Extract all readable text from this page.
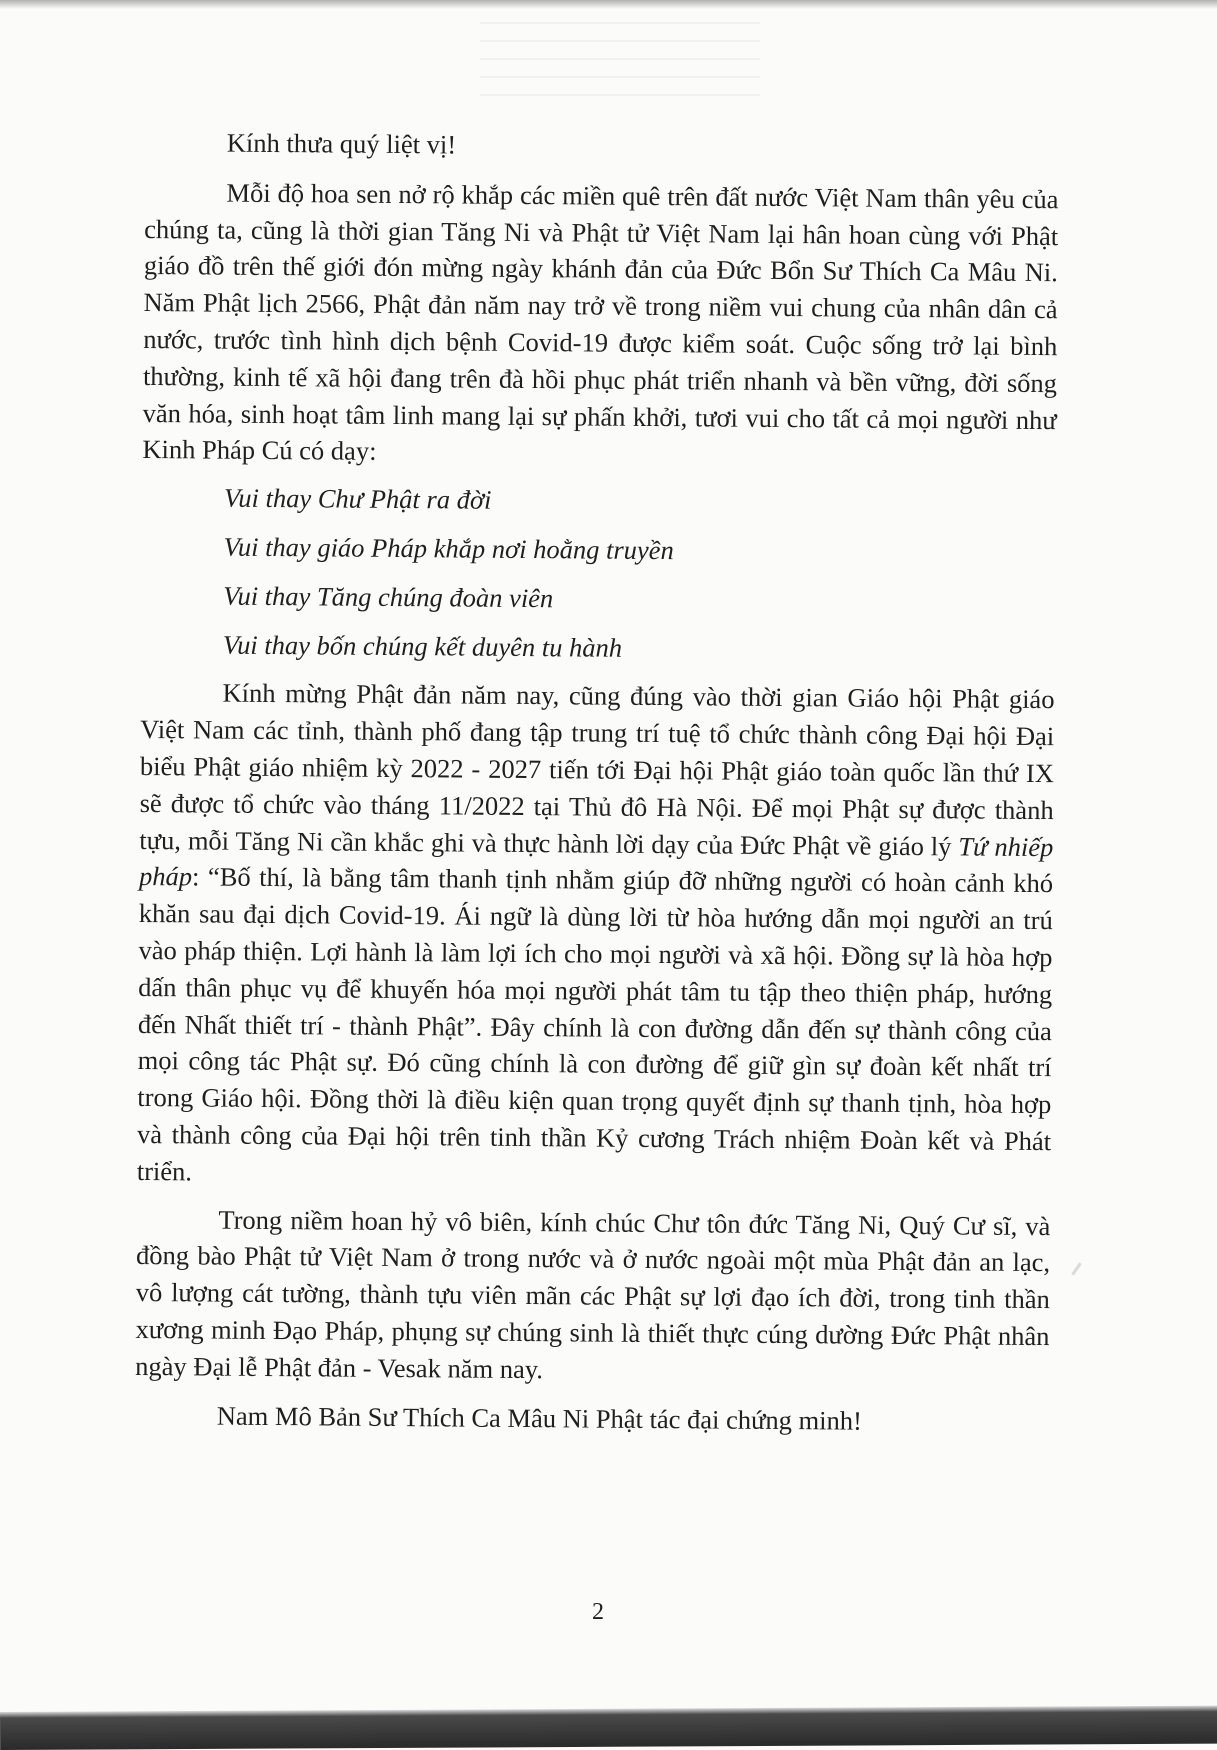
Kính thưa quý liệt vị!

Mỗi độ hoa sen nở rộ khắp các miền quê trên đất nước Việt Nam thân yêu của chúng ta, cũng là thời gian Tăng Ni và Phật tử Việt Nam lại hân hoan cùng với Phật giáo đồ trên thế giới đón mừng ngày khánh đản của Đức Bổn Sư Thích Ca Mâu Ni. Năm Phật lịch 2566, Phật đản năm nay trở về trong niềm vui chung của nhân dân cả nước, trước tình hình dịch bệnh Covid-19 được kiểm soát. Cuộc sống trở lại bình thường, kinh tế xã hội đang trên đà hồi phục phát triển nhanh và bền vững, đời sống văn hóa, sinh hoạt tâm linh mang lại sự phấn khởi, tươi vui cho tất cả mọi người như Kinh Pháp Cú có dạy:

Vui thay Chư Phật ra đời
Vui thay giáo Pháp khắp nơi hoằng truyền
Vui thay Tăng chúng đoàn viên
Vui thay bốn chúng kết duyên tu hành

Kính mừng Phật đản năm nay, cũng đúng vào thời gian Giáo hội Phật giáo Việt Nam các tỉnh, thành phố đang tập trung trí tuệ tổ chức thành công Đại hội Đại biểu Phật giáo nhiệm kỳ 2022 - 2027 tiến tới Đại hội Phật giáo toàn quốc lần thứ IX sẽ được tổ chức vào tháng 11/2022 tại Thủ đô Hà Nội. Để mọi Phật sự được thành tựu, mỗi Tăng Ni cần khắc ghi và thực hành lời dạy của Đức Phật về giáo lý Tứ nhiếp pháp: “Bố thí, là bằng tâm thanh tịnh nhằm giúp đỡ những người có hoàn cảnh khó khăn sau đại dịch Covid-19. Ái ngữ là dùng lời từ hòa hướng dẫn mọi người an trú vào pháp thiện. Lợi hành là làm lợi ích cho mọi người và xã hội. Đồng sự là hòa hợp dấn thân phục vụ để khuyến hóa mọi người phát tâm tu tập theo thiện pháp, hướng đến Nhất thiết trí - thành Phật”. Đây chính là con đường dẫn đến sự thành công của mọi công tác Phật sự. Đó cũng chính là con đường để giữ gìn sự đoàn kết nhất trí trong Giáo hội. Đồng thời là điều kiện quan trọng quyết định sự thanh tịnh, hòa hợp và thành công của Đại hội trên tinh thần Kỷ cương Trách nhiệm Đoàn kết và Phát triển.

Trong niềm hoan hỷ vô biên, kính chúc Chư tôn đức Tăng Ni, Quý Cư sĩ, và đồng bào Phật tử Việt Nam ở trong nước và ở nước ngoài một mùa Phật đản an lạc, vô lượng cát tường, thành tựu viên mãn các Phật sự lợi đạo ích đời, trong tinh thần xương minh Đạo Pháp, phụng sự chúng sinh là thiết thực cúng dường Đức Phật nhân ngày Đại lễ Phật đản - Vesak năm nay.

Nam Mô Bản Sư Thích Ca Mâu Ni Phật tác đại chứng minh!

2
